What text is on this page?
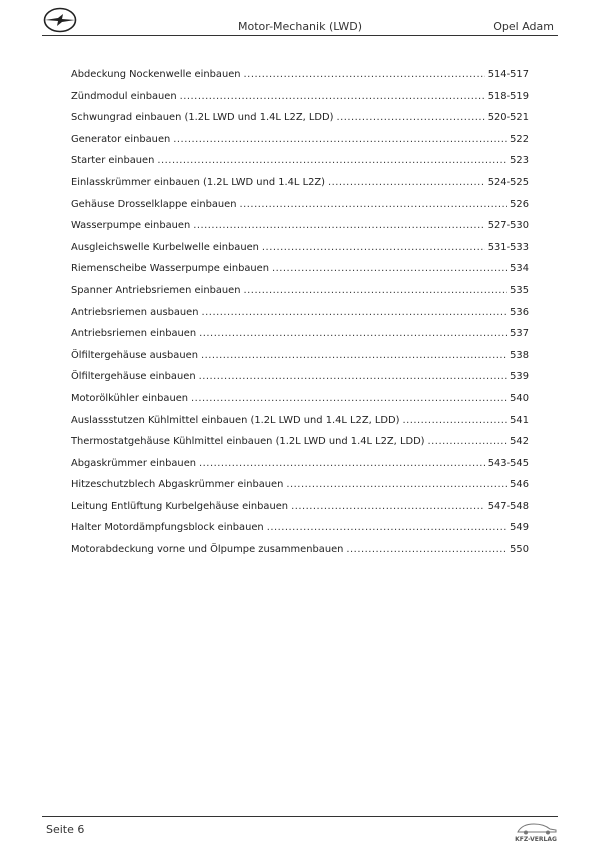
Motor-Mechanik (LWD)	Opel Adam
Abdeckung Nockenwelle einbauen .....	514-517
Zündmodul einbauen .....	518-519
Schwungrad einbauen (1.2L LWD und 1.4L L2Z, LDD) .....	520-521
Generator einbauen .....	522
Starter einbauen .....	523
Einlasskrümmer einbauen (1.2L LWD und 1.4L L2Z) .....	524-525
Gehäuse Drosselklappe einbauen .....	526
Wasserpumpe einbauen .....	527-530
Ausgleichswelle Kurbelwelle einbauen .....	531-533
Riemenscheibe Wasserpumpe einbauen .....	534
Spanner Antriebsriemen einbauen .....	535
Antriebsriemen ausbauen .....	536
Antriebsriemen einbauen .....	537
Ölfiltergehäuse ausbauen .....	538
Ölfiltergehäuse einbauen .....	539
Motorölkühler einbauen .....	540
Auslassstutzen Kühlmittel einbauen (1.2L LWD und 1.4L L2Z, LDD) .....	541
Thermostatgehäuse Kühlmittel einbauen (1.2L LWD und 1.4L L2Z, LDD) .....	542
Abgaskrümmer einbauen .....	543-545
Hitzeschutzblech Abgaskrümmer einbauen .....	546
Leitung Entlüftung Kurbelgehäuse einbauen .....	547-548
Halter Motordämpfungsblock einbauen .....	549
Motorabdeckung vorne und Ölpumpe zusammenbauen .....	550
Seite 6
KFZ-VERLAG
